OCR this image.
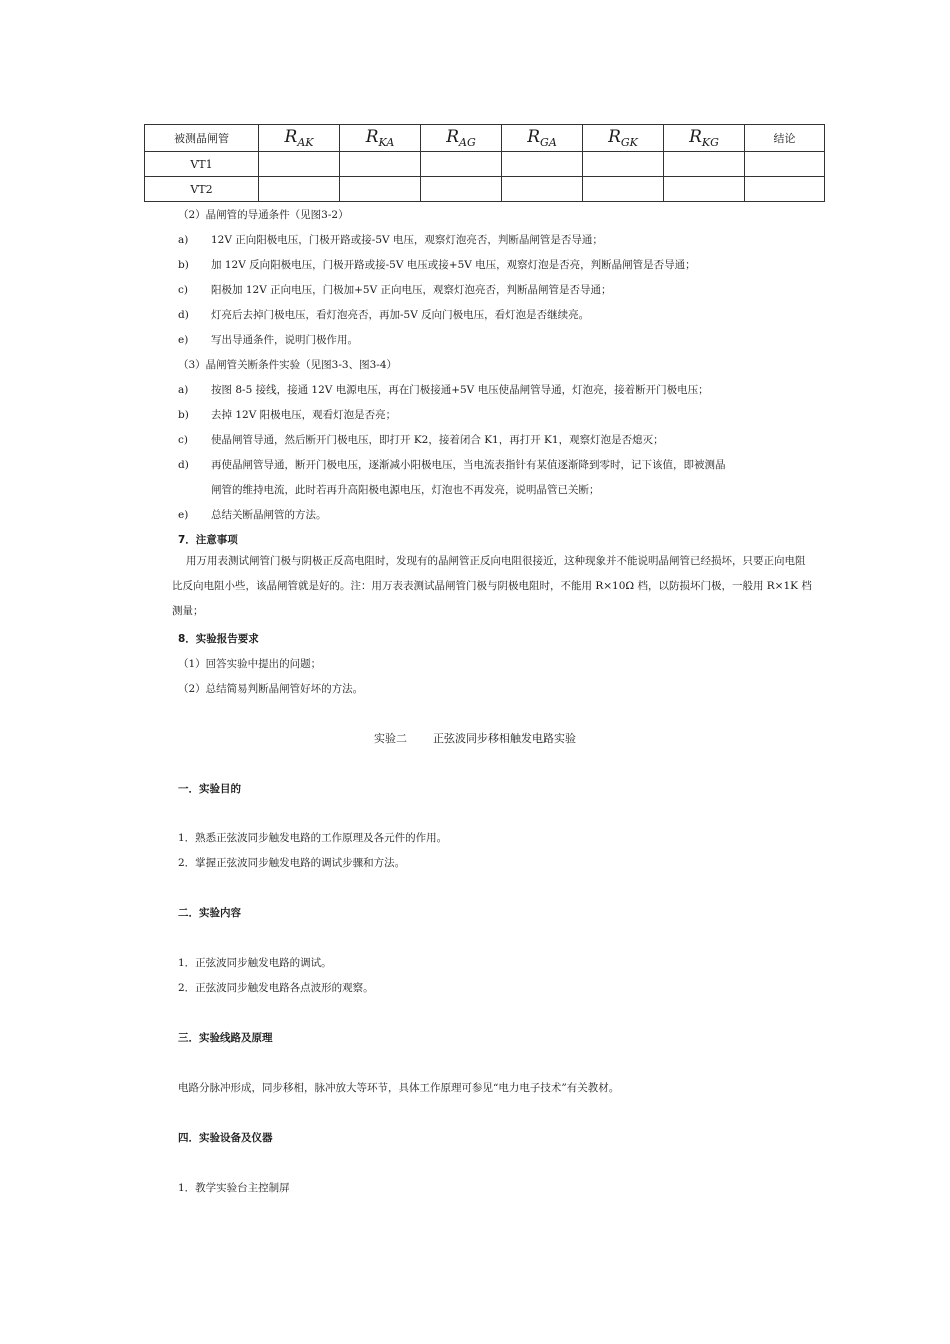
被测晶闸管	$R_{AK}$	$R_{KA}$	$R_{AG}$	$R_{GA}$	$R_{GK}$	$R_{KG}$	结论
VT1							
VT2							
（2）晶闸管的导通条件（见图3-2）
a) 12V 正向阳极电压，门极开路或接-5V 电压，观察灯泡亮否，判断晶闸管是否导通；
b) 加 12V 反向阳极电压，门极开路或接-5V 电压或接+5V 电压，观察灯泡是否亮，判断晶闸管是否导通；
c) 阳极加 12V 正向电压，门极加+5V 正向电压，观察灯泡亮否，判断晶闸管是否导通；
d) 灯亮后去掉门极电压，看灯泡亮否，再加-5V 反向门极电压，看灯泡是否继续亮。
e) 写出导通条件，说明门极作用。
（3）晶闸管关断条件实验（见图3-3、图3-4）
a) 按图 8-5 接线，接通 12V 电源电压，再在门极接通+5V 电压使晶闸管导通，灯泡亮，接着断开门极电压；
b) 去掉 12V 阳极电压，观看灯泡是否亮；
c) 使晶闸管导通，然后断开门极电压，即打开 K2，接着闭合 K1，再打开 K1，观察灯泡是否熄灭；
d) 再使晶闸管导通，断开门极电压，逐渐减小阳极电压，当电流表指针有某值逐渐降到零时，记下该值，即被测晶
闸管的维持电流，此时若再升高阳极电源电压，灯泡也不再发亮，说明晶管已关断；
e) 总结关断晶闸管的方法。
7．注意事项
用万用表测试闸管门极与阴极正反高电阻时，发现有的晶闸管正反向电阻很接近，这种现象并不能说明晶闸管已经损坏，只要正向电阻比反向电阻小些，该晶闸管就是好的。注：用万表表测试晶闸管门极与阴极电阻时，不能用 R×10Ω 档，以防损坏门极，一般用 R×1K 档测量；
8．实验报告要求
（1）回答实验中提出的问题；
（2）总结简易判断晶闸管好坏的方法。
实验二 正弦波同步移相触发电路实验
一．实验目的
1．熟悉正弦波同步触发电路的工作原理及各元件的作用。
2．掌握正弦波同步触发电路的调试步骤和方法。
二．实验内容
1．正弦波同步触发电路的调试。
2．正弦波同步触发电路各点波形的观察。
三．实验线路及原理
电路分脉冲形成，同步移相，脉冲放大等环节，具体工作原理可参见“电力电子技术”有关教材。
四．实验设备及仪器
1．教学实验台主控制屏
